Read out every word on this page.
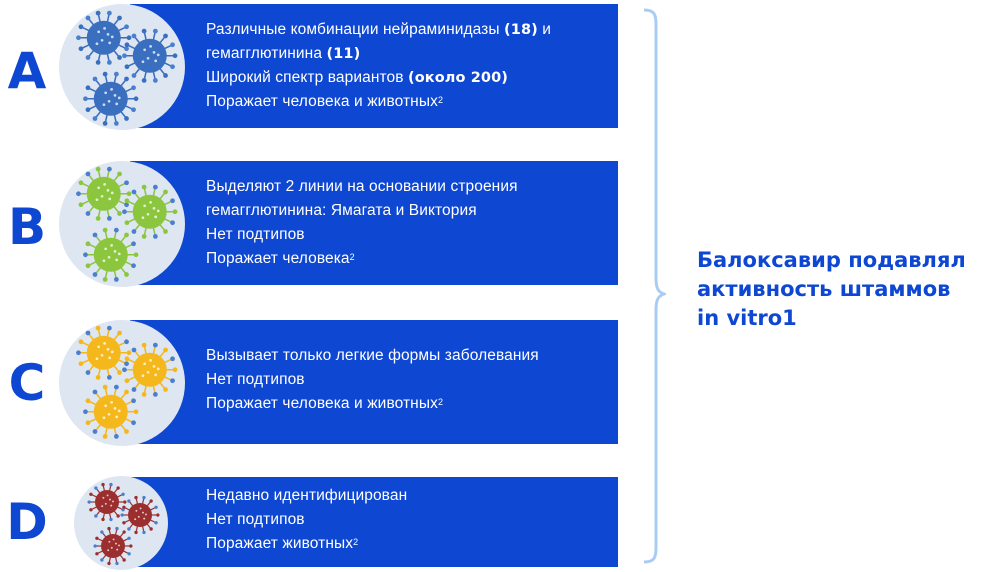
A
Различные комбинации нейраминидазы (18) и
гемагглютинина (11)
Широкий спектр вариантов (около 200)
Поражает человека и животных$^2$
B
Выделяют 2 линии на основании строения
гемагглютинина: Ямагата и Виктория
Нет подтипов
Поражает человека$^2$
C	Вызывает только легкие формы заболевания
Нет подтипов
Поражает человека и животных$^2$
D	Недавно идентифицирован
Нет подтипов
Поражает животных$^2$
Балоксавир подавлял
активность штаммов
in vitro1
